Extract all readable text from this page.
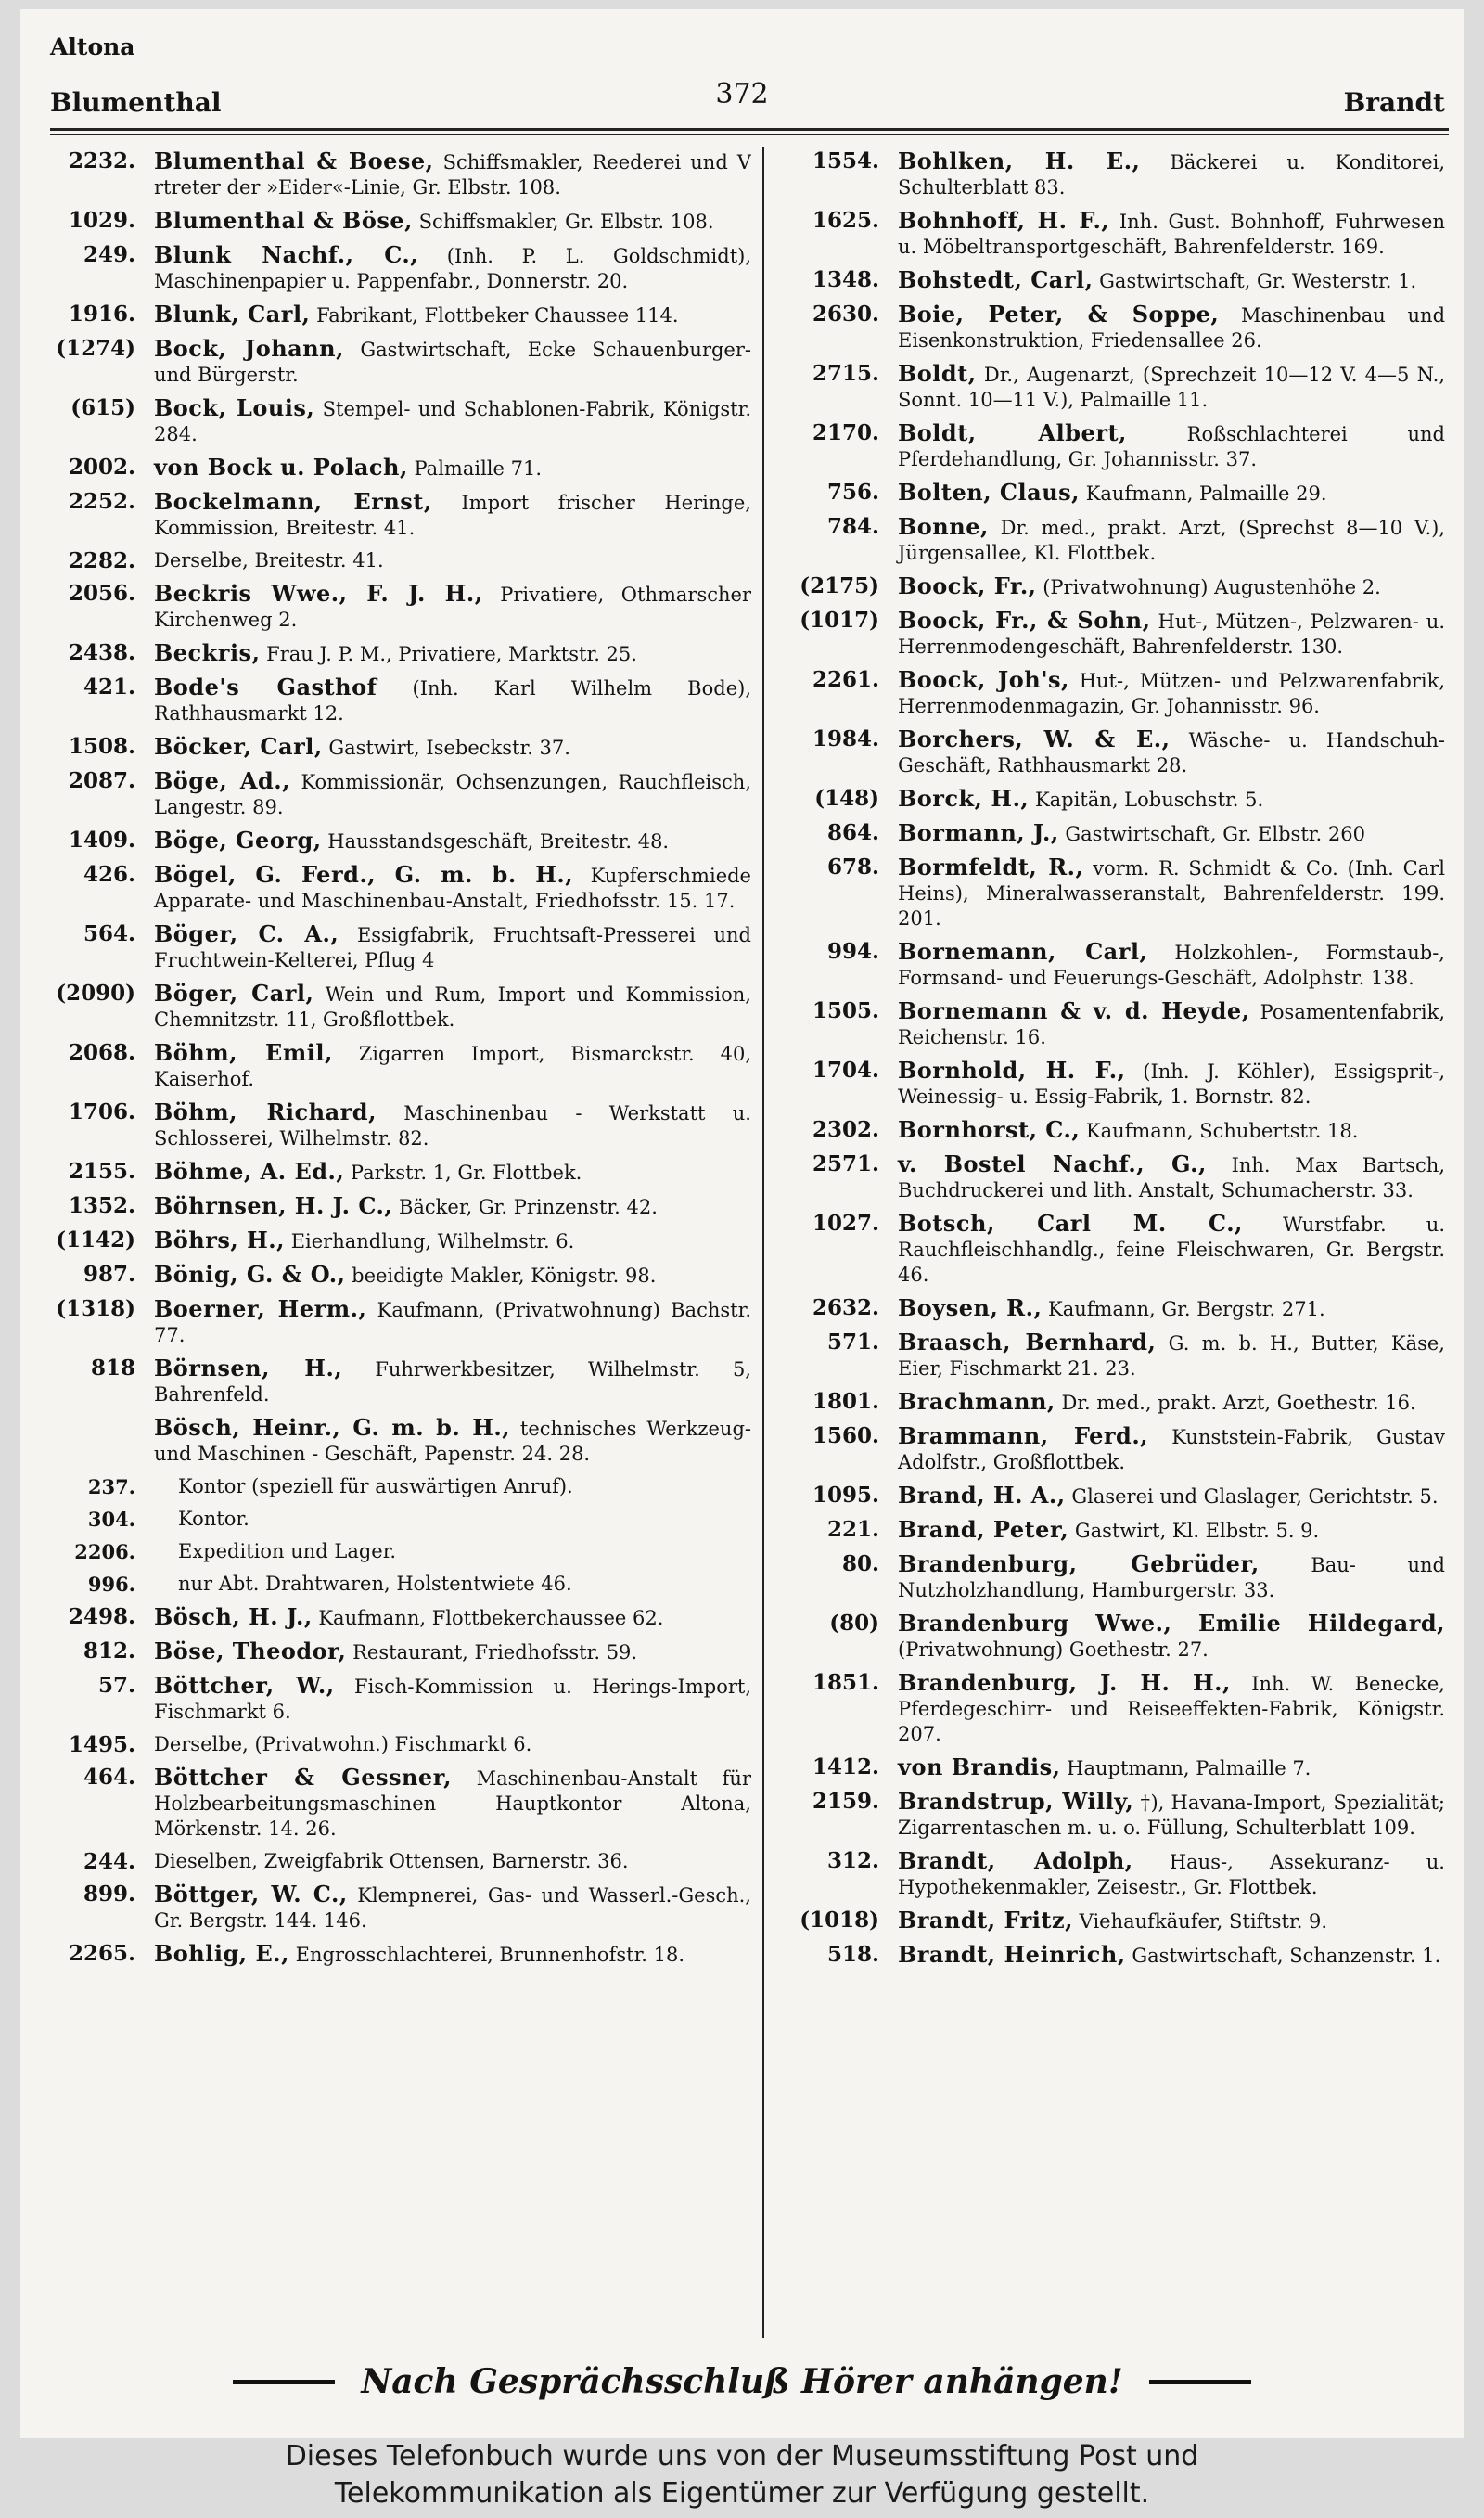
Altona
Blumenthal	372	Brandt
2232. Blumenthal & Boese, Schiffsmakler, Reederei und V rtreter der »Eider«-Linie, Gr. Elbstr. 108.
1029. Blumenthal & Böse, Schiffsmakler, Gr. Elbstr. 108.
249. Blunk Nachf., C., (Inh. P. L. Goldschmidt), Maschinenpapier u. Pappenfabr., Donnerstr. 20.
1916. Blunk, Carl, Fabrikant, Flottbeker Chaussee 114.
(1274) Bock, Johann, Gastwirtschaft, Ecke Schauenburger- und Bürgerstr.
(615) Bock, Louis, Stempel- und Schablonen-Fabrik, Königstr. 284.
2002. von Bock u. Polach, Palmaille 71.
2252. Bockelmann, Ernst, Import frischer Heringe, Kommission, Breitestr. 41.
2282. Derselbe, Breitestr. 41.
2056. Beckris Wwe., F. J. H., Privatiere, Othmarscher Kirchenweg 2.
2438. Beckris, Frau J. P. M., Privatiere, Marktstr. 25.
421. Bode's Gasthof (Inh. Karl Wilhelm Bode), Rathhausmarkt 12.
1508. Böcker, Carl, Gastwirt, Isebeckstr. 37.
2087. Böge, Ad., Kommissionär, Ochsenzungen, Rauchfleisch, Langestr. 89.
1409. Böge, Georg, Hausstandsgeschäft, Breitestr. 48.
426. Bögel, G. Ferd., G. m. b. H., Kupferschmiede Apparate- und Maschinenbau-Anstalt, Friedhofsstr. 15. 17.
564. Böger, C. A., Essigfabrik, Fruchtsaft-Presserei und Fruchtwein-Kelterei, Pflug 4
(2090) Böger, Carl, Wein und Rum, Import und Kommission, Chemnitzstr. 11, Großflottbek.
2068. Böhm, Emil, Zigarren Import, Bismarckstr. 40, Kaiserhof.
1706. Böhm, Richard, Maschinenbau - Werkstatt u. Schlosserei, Wilhelmstr. 82.
2155. Böhme, A. Ed., Parkstr. 1, Gr. Flottbek.
1352. Böhrnsen, H. J. C., Bäcker, Gr. Prinzenstr. 42.
(1142) Böhrs, H., Eierhandlung, Wilhelmstr. 6.
987. Bönig, G. & O., beeidigte Makler, Königstr. 98.
(1318) Boerner, Herm., Kaufmann, (Privatwohnung) Bachstr. 77.
818 Börnsen, H., Fuhrwerkbesitzer, Wilhelmstr. 5, Bahrenfeld.
Bösch, Heinr., G. m. b. H., technisches Werkzeug- und Maschinen - Geschäft, Papenstr. 24. 28.
237.	Kontor (speziell für auswärtigen Anruf).
304.	Kontor.
2206.	Expedition und Lager.
996.	nur Abt. Drahtwaren, Holstentwiete 46.
2498. Bösch, H. J., Kaufmann, Flottbekerchaussee 62.
812. Böse, Theodor, Restaurant, Friedhofsstr. 59.
57. Böttcher, W., Fisch-Kommission u. Herings-Import, Fischmarkt 6.
1495. Derselbe, (Privatwohn.) Fischmarkt 6.
464. Böttcher & Gessner, Maschinenbau-Anstalt für Holzbearbeitungsmaschinen Hauptkontor Altona, Mörkenstr. 14. 26.
244. Dieselben, Zweigfabrik Ottensen, Barnerstr. 36.
899. Böttger, W. C., Klempnerei, Gas- und Wasserl.-Gesch., Gr. Bergstr. 144. 146.
2265. Bohlig, E., Engrosschlachterei, Brunnenhofstr. 18.
1554. Bohlken, H. E., Bäckerei u. Konditorei, Schulterblatt 83.
1625. Bohnhoff, H. F., Inh. Gust. Bohnhoff, Fuhrwesen u. Möbeltransportgeschäft, Bahrenfelderstr. 169.
1348. Bohstedt, Carl, Gastwirtschaft, Gr. Westerstr. 1.
2630. Boie, Peter, & Soppe, Maschinenbau und Eisenkonstruktion, Friedensallee 26.
2715. Boldt, Dr., Augenarzt, (Sprechzeit 10—12 V. 4—5 N., Sonnt. 10—11 V.), Palmaille 11.
2170. Boldt, Albert,	Roßschlachterei und Pferdehandlung, Gr. Johannisstr. 37.
756. Bolten, Claus, Kaufmann, Palmaille 29.
784. Bonne, Dr. med., prakt. Arzt, (Sprechst 8—10 V.), Jürgensallee, Kl. Flottbek.
(2175) Boock, Fr., (Privatwohnung) Augustenhöhe 2.
(1017) Boock, Fr., & Sohn, Hut-, Mützen-, Pelzwaren- u. Herrenmodengeschäft, Bahrenfelderstr. 130.
2261. Boock, Joh's, Hut-, Mützen- und Pelzwarenfabrik, Herrenmodenmagazin, Gr. Johannisstr. 96.
1984. Borchers, W. & E., Wäsche- u. Handschuh-Geschäft, Rathhausmarkt 28.
(148) Borck, H., Kapitän, Lobuschstr. 5.
864. Bormann, J., Gastwirtschaft, Gr. Elbstr. 260
678. Bormfeldt, R., vorm. R. Schmidt & Co. (Inh. Carl Heins), Mineralwasseranstalt, Bahrenfelderstr. 199. 201.
994. Bornemann, Carl, Holzkohlen-, Formstaub-, Formsand- und Feuerungs-Geschäft, Adolphstr. 138.
1505. Bornemann & v. d. Heyde, Posamentenfabrik, Reichenstr. 16.
1704. Bornhold, H. F., (Inh. J. Köhler), Essigsprit-, Weinessig- u. Essig-Fabrik, 1. Bornstr. 82.
2302. Bornhorst, C., Kaufmann, Schubertstr. 18.
2571. v. Bostel Nachf., G., Inh. Max Bartsch, Buchdruckerei und lith. Anstalt, Schumacherstr. 33.
1027. Botsch, Carl M. C., Wurstfabr. u. Rauchfleischhandlg., feine Fleischwaren, Gr. Bergstr. 46.
2632. Boysen, R., Kaufmann, Gr. Bergstr. 271.
571. Braasch, Bernhard, G. m. b. H., Butter, Käse, Eier, Fischmarkt 21. 23.
1801. Brachmann, Dr. med., prakt. Arzt, Goethestr. 16.
1560. Brammann, Ferd., Kunststein-Fabrik, Gustav Adolfstr., Großflottbek.
1095. Brand, H. A., Glaserei und Glaslager, Gerichtstr. 5.
221. Brand, Peter, Gastwirt, Kl. Elbstr. 5. 9.
80. Brandenburg, Gebrüder,	Bau- und Nutzholzhandlung, Hamburgerstr. 33.
(80) Brandenburg Wwe., Emilie Hildegard, (Privatwohnung) Goethestr. 27.
1851. Brandenburg, J. H. H., Inh. W. Benecke, Pferdegeschirr- und Reiseeffekten-Fabrik, Königstr. 207.
1412. von Brandis, Hauptmann, Palmaille 7.
2159. Brandstrup, Willy, †), Havana-Import, Spezialität; Zigarrentaschen m. u. o. Füllung, Schulterblatt 109.
312. Brandt, Adolph, Haus-, Assekuranz- u. Hypothekenmakler, Zeisestr., Gr. Flottbek.
(1018) Brandt, Fritz, Viehaufkäufer, Stiftstr. 9.
518. Brandt, Heinrich, Gastwirtschaft, Schanzenstr. 1.
Nach Gesprächsschluß Hörer anhängen!
Dieses Telefonbuch wurde uns von der Museumsstiftung Post und
Telekommunikation als Eigentümer zur Verfügung gestellt.
